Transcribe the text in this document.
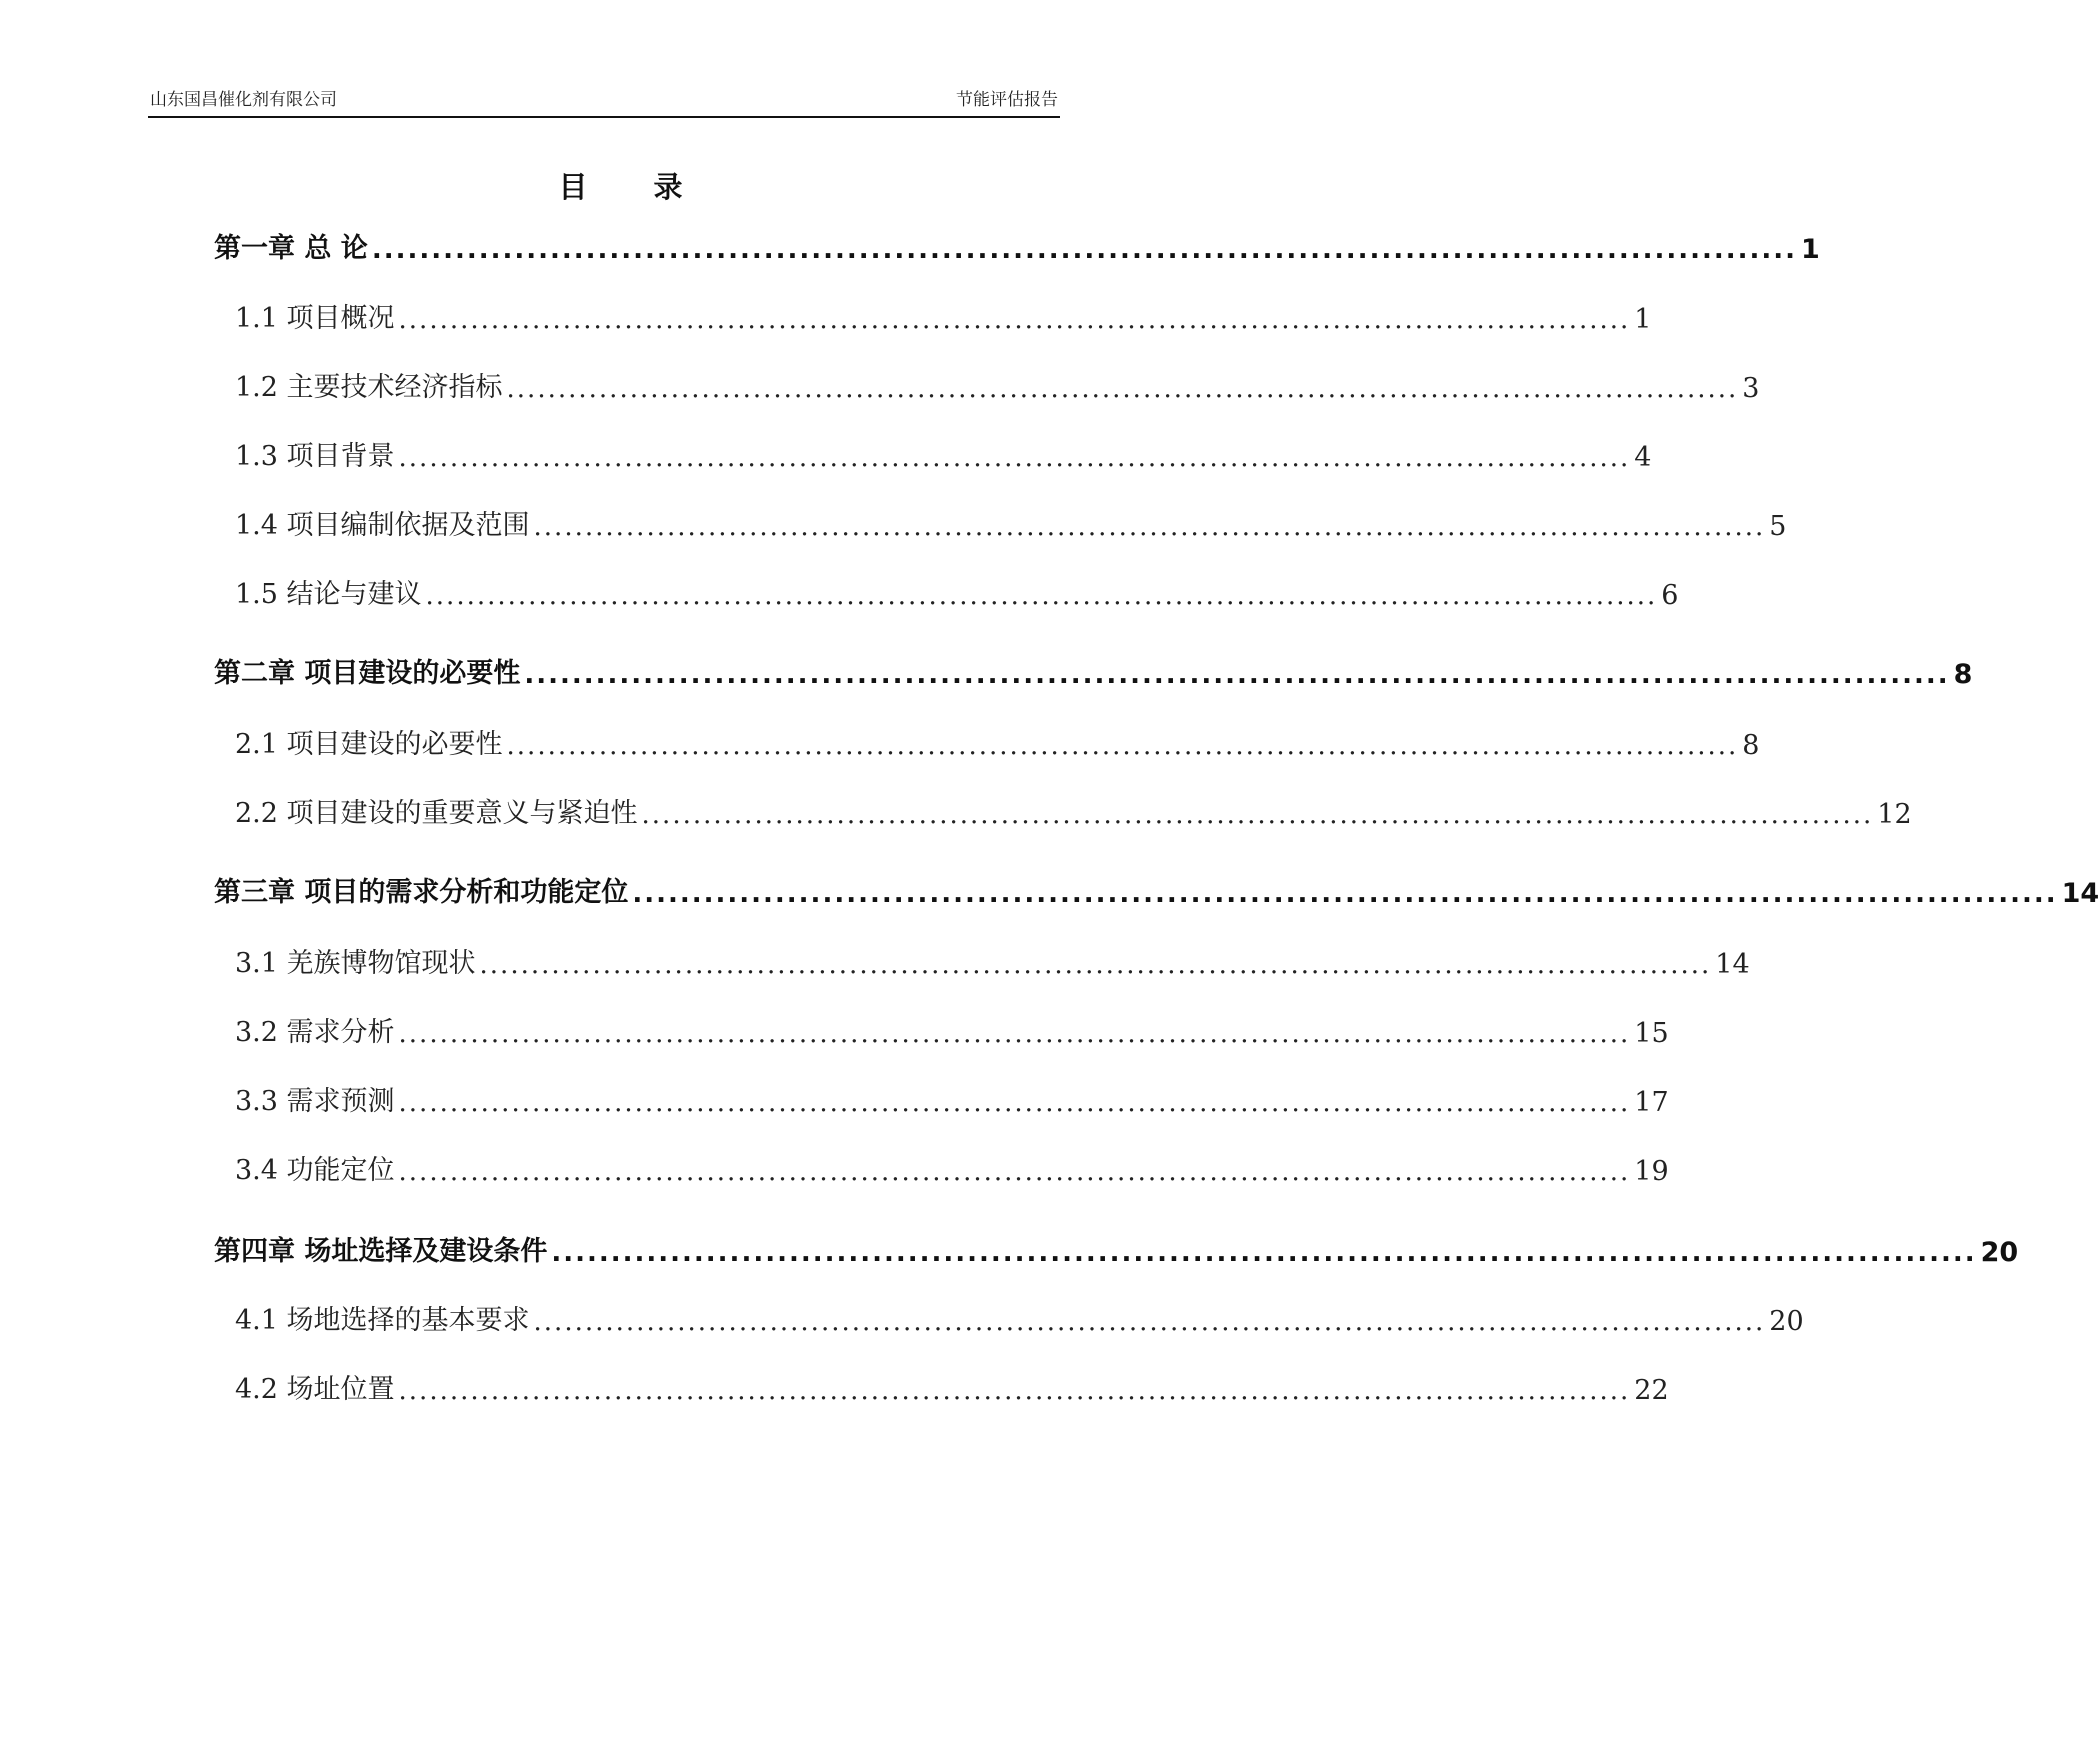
山东国昌催化剂有限公司	节能评估报告
目 录
第一章 总 论 ........................................................................................................................ 1
1.1 项目概况 ........................................................................................................................ 1
1.2 主要技术经济指标 ........................................................................................................................ 3
1.3 项目背景 ........................................................................................................................ 4
1.4 项目编制依据及范围 ........................................................................................................................ 5
1.5 结论与建议 ........................................................................................................................ 6
第二章 项目建设的必要性 ........................................................................................................................ 8
2.1 项目建设的必要性 ........................................................................................................................ 8
2.2 项目建设的重要意义与紧迫性 ........................................................................................................................ 12
第三章 项目的需求分析和功能定位 ........................................................................................................................ 14
3.1 羌族博物馆现状 ........................................................................................................................ 14
3.2 需求分析 ........................................................................................................................ 15
3.3 需求预测 ........................................................................................................................ 17
3.4 功能定位 ........................................................................................................................ 19
第四章 场址选择及建设条件 ........................................................................................................................ 20
4.1 场地选择的基本要求 ........................................................................................................................ 20
4.2 场址位置 ........................................................................................................................ 22
